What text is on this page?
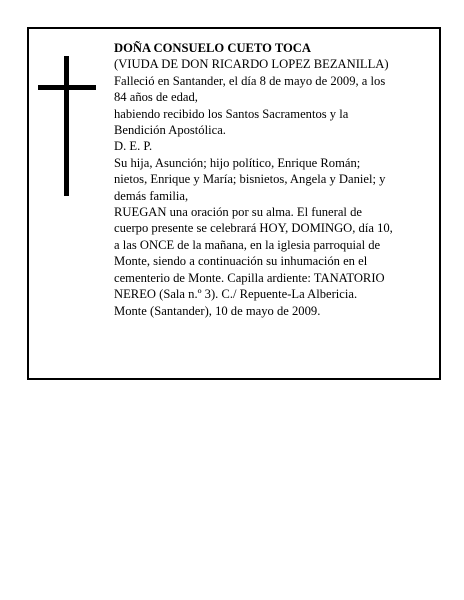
DOÑA CONSUELO CUETO TOCA
(VIUDA DE DON RICARDO LOPEZ BEZANILLA)
Falleció en Santander, el día 8 de mayo de 2009, a los
84 años de edad,
habiendo recibido los Santos Sacramentos y la
Bendición Apostólica.
D. E. P.
Su hija, Asunción; hijo político, Enrique Román;
nietos, Enrique y María; bisnietos, Angela y Daniel; y
demás familia,
RUEGAN una oración por su alma. El funeral de
cuerpo presente se celebrará HOY, DOMINGO, día 10,
a las ONCE de la mañana, en la iglesia parroquial de
Monte, siendo a continuación su inhumación en el
cementerio de Monte. Capilla ardiente: TANATORIO
NEREO (Sala n.º 3). C./ Repuente-La Albericia.
Monte (Santander), 10 de mayo de 2009.
